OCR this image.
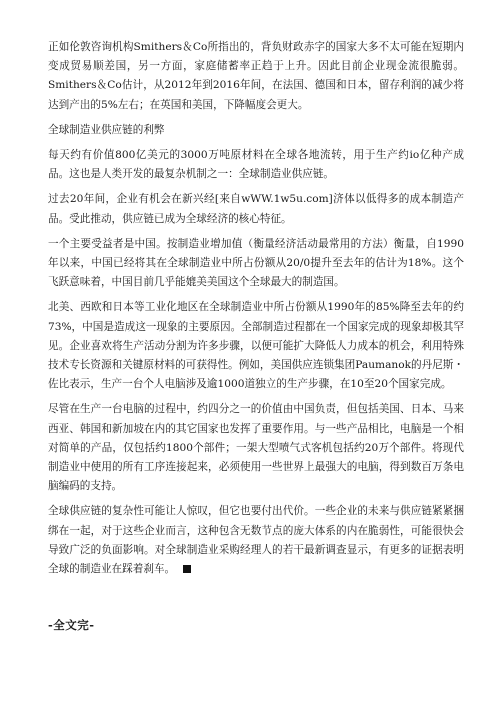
正如伦敦咨询机构Smithers＆Co所指出的，背负财政赤字的国家大多不太可能在短期内变成贸易顺差国，另一方面，家庭储蓄率正趋于上升。因此目前企业现金流很脆弱。Smithers＆Co估计，从2012年到2016年间，在法国、德国和日本，留存利润的减少将达到产出的5%左右；在英国和美国，下降幅度会更大。

全球制造业供应链的利弊

每天约有价值800亿美元的3000万吨原材料在全球各地流转，用于生产约io亿种产成品。这也是人类开发的最复杂机制之一：全球制造业供应链。

过去20年间，企业有机会在新兴经[来自wWW.1w5u.com]济体以低得多的成本制造产品。受此推动，供应链已成为全球经济的核心特征。

一个主要受益者是中国。按制造业增加值（衡量经济活动最常用的方法）衡量，自1990年以来，中国已经将其在全球制造业中所占份额从20/0提升至去年的估计为18%。这个飞跃意味着，中国目前几乎能媲美美国这个全球最大的制造国。

北美、西欧和日本等工业化地区在全球制造业中所占份额从1990年的85%降至去年的约73%，中国是造成这一现象的主要原因。全部制造过程都在一个国家完成的现象却极其罕见。企业喜欢将生产活动分割为许多步骤，以便可能扩大降低人力成本的机会，利用特殊技术专长资源和关键原材料的可获得性。例如，美国供应连锁集团Paumanok的丹尼斯・佐比表示，生产一台个人电脑涉及逾1000道独立的生产步骤，在10至20个国家完成。

尽管在生产一台电脑的过程中，约四分之一的价值由中国负责，但包括美国、日本、马来西亚、韩国和新加坡在内的其它国家也发挥了重要作用。与一些产品相比，电脑是一个相对简单的产品，仅包括约1800个部件；一架大型喷气式客机包括约20万个部件。将现代制造业中使用的所有工序连接起来，必须使用一些世界上最强大的电脑，得到数百万条电脑编码的支持。

全球供应链的复杂性可能让人惊叹，但它也要付出代价。一些企业的未来与供应链紧紧捆绑在一起，对于这些企业而言，这种包含无数节点的庞大体系的内在脆弱性，可能很快会导致广泛的负面影响。对全球制造业采购经理人的若干最新调查显示，有更多的证据表明全球的制造业在踩着刹车。

-全文完-
